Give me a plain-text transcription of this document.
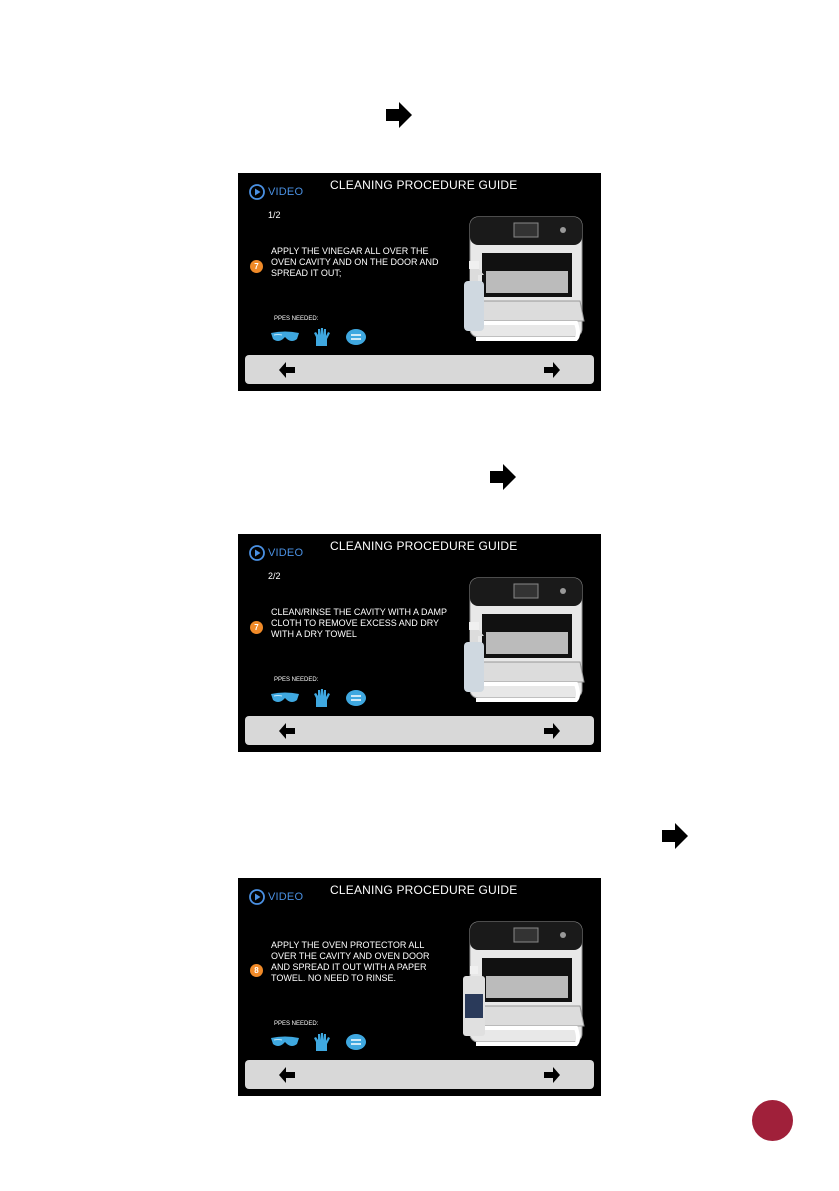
VIDEO CLEANING PROCEDURE GUIDE
1/2
7
APPLY THE VINEGAR ALL OVER THE OVEN CAVITY AND ON THE DOOR AND SPREAD IT OUT;
PPES NEEDED:
VIDEO CLEANING PROCEDURE GUIDE
2/2
7
CLEAN/RINSE THE CAVITY WITH A DAMP CLOTH TO REMOVE EXCESS AND DRY WITH A DRY TOWEL
PPES NEEDED:
VIDEO CLEANING PROCEDURE GUIDE
8
APPLY THE OVEN PROTECTOR ALL OVER THE CAVITY AND OVEN DOOR AND SPREAD IT OUT WITH A PAPER TOWEL. NO NEED TO RINSE.
PPES NEEDED:
